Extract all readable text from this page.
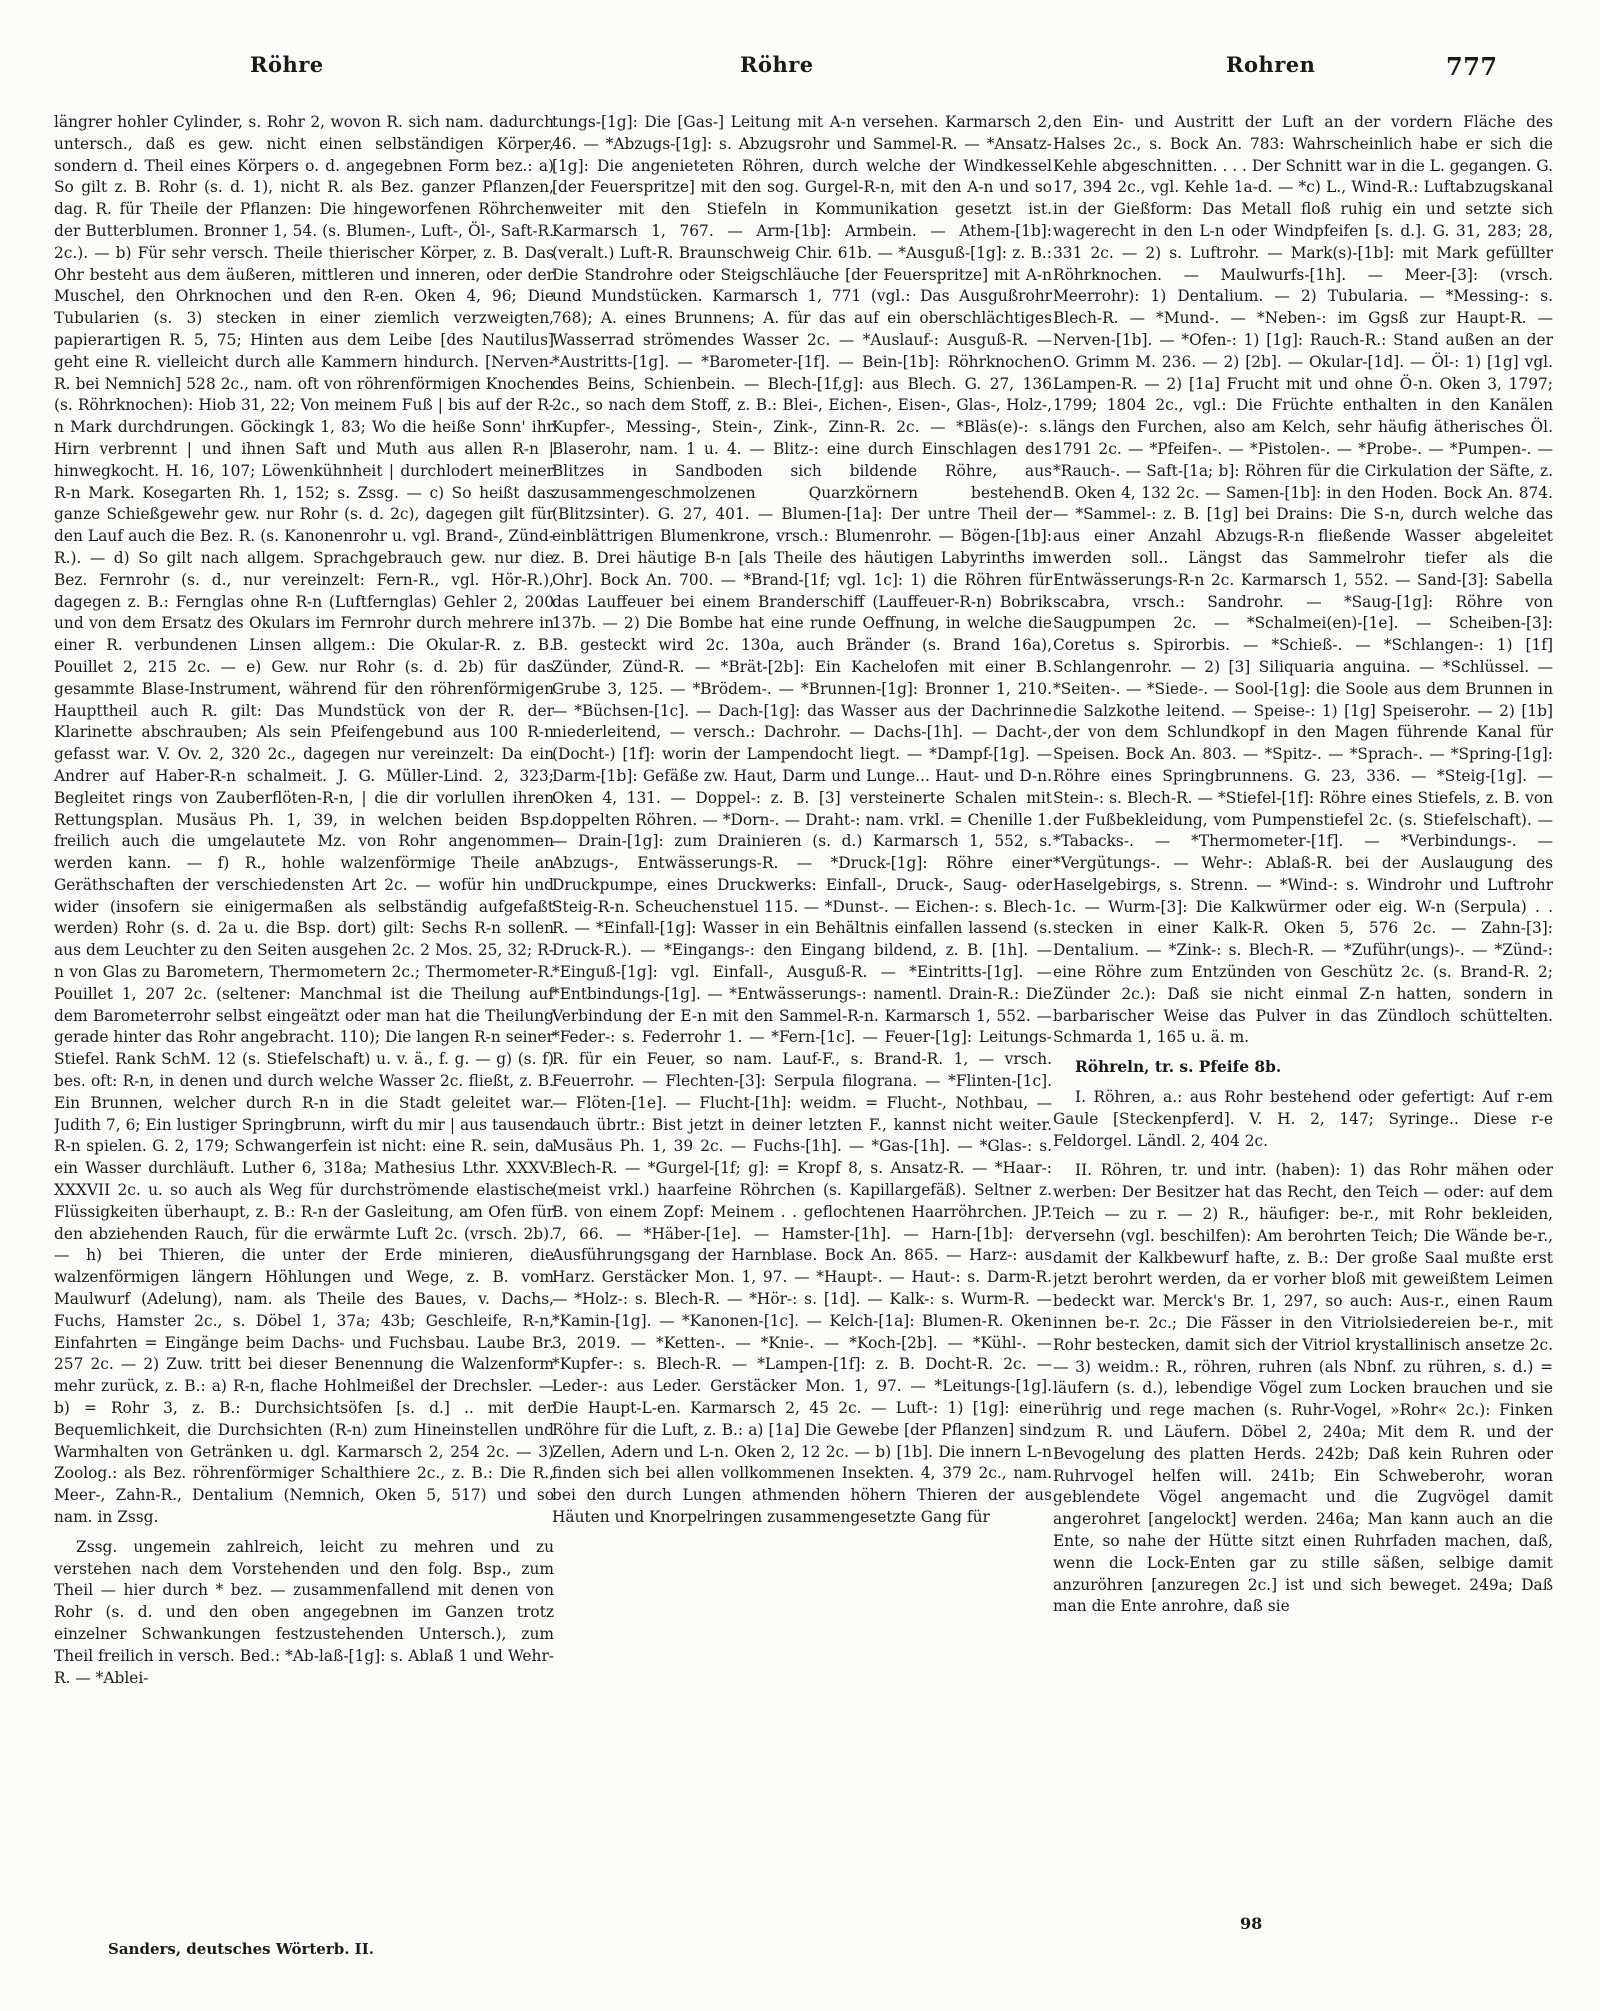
Röhre	Röhre	Rohren	777

längrer hohler Cylinder, s. Rohr 2, wovon R. sich nam. dadurch untersch., daß es gew. nicht einen selbständigen Körper, sondern d. Theil eines Körpers o. d. angegebnen Form bez.: a) So gilt z. B. Rohr (s. d. 1), nicht R. als Bez. ganzer Pflanzen, dag. R. für Theile der Pflanzen: Die hingeworfenen Röhrchen der Butterblumen. Bronner 1, 54. (s. Blumen-, Luft-, Öl-, Saft-R. 2c.). — b) Für sehr versch. Theile thierischer Körper, z. B. Das Ohr besteht aus dem äußeren, mittleren und inneren, oder der Muschel, den Ohrknochen und den R-en. Oken 4, 96; Die Tubularien (s. 3) stecken in einer ziemlich verzweigten, papierartigen R. 5, 75; Hinten aus dem Leibe [des Nautilus] geht eine R. vielleicht durch alle Kammern hindurch. [Nerven-R. bei Nemnich] 528 2c., nam. oft von röhrenförmigen Knochen (s. Röhrknochen): Hiob 31, 22; Von meinem Fuß | bis auf der R-n Mark durchdrungen. Göckingk 1, 83; Wo die heiße Sonn' ihr Hirn verbrennt | und ihnen Saft und Muth aus allen R-n | hinwegkocht. H. 16, 107; Löwenkühnheit | durchlodert meiner R-n Mark. Kosegarten Rh. 1, 152; s. Zssg. — c) So heißt das ganze Schießgewehr gew. nur Rohr (s. d. 2c), dagegen gilt für den Lauf auch die Bez. R. (s. Kanonenrohr u. vgl. Brand-, Zünd-R.). — d) So gilt nach allgem. Sprachgebrauch gew. nur die Bez. Fernrohr (s. d., nur vereinzelt: Fern-R., vgl. Hör-R.), dagegen z. B.: Fernglas ohne R-n (Luftfernglas) Gehler 2, 200 und von dem Ersatz des Okulars im Fernrohr durch mehrere in einer R. verbundenen Linsen allgem.: Die Okular-R. z. B. Pouillet 2, 215 2c. — e) Gew. nur Rohr (s. d. 2b) für das gesammte Blase-Instrument, während für den röhrenförmigen Haupttheil auch R. gilt: Das Mundstück von der R. der Klarinette abschrauben; Als sein Pfeifengebund aus 100 R-n gefasst war. V. Ov. 2, 320 2c., dagegen nur vereinzelt: Da ein Andrer auf Haber-R-n schalmeit. J. G. Müller-Lind. 2, 323; Begleitet rings von Zauberflöten-R-n, | die dir vorlullen ihren Rettungsplan. Musäus Ph. 1, 39, in welchen beiden Bsp. freilich auch die umgelautete Mz. von Rohr angenommen werden kann. — f) R., hohle walzenförmige Theile an Geräthschaften der verschiedensten Art 2c. — wofür hin und wider (insofern sie einigermaßen als selbständig aufgefaßt werden) Rohr (s. d. 2a u. die Bsp. dort) gilt: Sechs R-n sollen aus dem Leuchter zu den Seiten ausgehen 2c. 2 Mos. 25, 32; R-n von Glas zu Barometern, Thermometern 2c.; Thermometer-R. Pouillet 1, 207 2c. (seltener: Manchmal ist die Theilung auf dem Barometerrohr selbst eingeätzt oder man hat die Theilung gerade hinter das Rohr angebracht. 110); Die langen R-n seiner Stiefel. Rank SchM. 12 (s. Stiefelschaft) u. v. ä., f. g. — g) (s. f) bes. oft: R-n, in denen und durch welche Wasser 2c. fließt, z. B. Ein Brunnen, welcher durch R-n in die Stadt geleitet war. Judith 7, 6; Ein lustiger Springbrunn, wirft du mir | aus tausend R-n spielen. G. 2, 179; Schwangerfein ist nicht: eine R. sein, da ein Wasser durchläuft. Luther 6, 318a; Mathesius Lthr. XXXV: XXXVII 2c. u. so auch als Weg für durchströmende elastische Flüssigkeiten überhaupt, z. B.: R-n der Gasleitung, am Ofen für den abziehenden Rauch, für die erwärmte Luft 2c. (vrsch. 2b). — h) bei Thieren, die unter der Erde minieren, die walzenförmigen längern Höhlungen und Wege, z. B. vom Maulwurf (Adelung), nam. als Theile des Baues, v. Dachs, Fuchs, Hamster 2c., s. Döbel 1, 37a; 43b; Geschleife, R-n, Einfahrten = Eingänge beim Dachs- und Fuchsbau. Laube Br. 257 2c. — 2) Zuw. tritt bei dieser Benennung die Walzenform mehr zurück, z. B.: a) R-n, flache Hohlmeißel der Drechsler. — b) = Rohr 3, z. B.: Durchsichtsöfen [s. d.] .. mit der Bequemlichkeit, die Durchsichten (R-n) zum Hineinstellen und Warmhalten von Getränken u. dgl. Karmarsch 2, 254 2c. — 3) Zoolog.: als Bez. röhrenförmiger Schalthiere 2c., z. B.: Die R., Meer-, Zahn-R., Dentalium (Nemnich, Oken 5, 517) und so nam. in Zssg.

Zssg. ungemein zahlreich, leicht zu mehren und zu verstehen nach dem Vorstehenden und den folg. Bsp., zum Theil — hier durch * bez. — zusammenfallend mit denen von Rohr (s. d. und den oben angegebnen im Ganzen trotz einzelner Schwankungen festzustehenden Untersch.), zum Theil freilich in versch. Bed.: *Ab-laß-[1g]: s. Ablaß 1 und Wehr-R. — *Ablei-

tungs-[1g]: Die [Gas-] Leitung mit A-n versehen. Karmarsch 2, 46. — *Abzugs-[1g]: s. Abzugsrohr und Sammel-R. — *Ansatz-[1g]: Die angenieteten Röhren, durch welche der Windkessel [der Feuerspritze] mit den sog. Gurgel-R-n, mit den A-n und so weiter mit den Stiefeln in Kommunikation gesetzt ist. Karmarsch 1, 767. — Arm-[1b]: Armbein. — Athem-[1b]: (veralt.) Luft-R. Braunschweig Chir. 61b. — *Ausguß-[1g]: z. B.: Die Standrohre oder Steigschläuche [der Feuerspritze] mit A-n und Mundstücken. Karmarsch 1, 771 (vgl.: Das Ausgußrohr 768); A. eines Brunnens; A. für das auf ein oberschlächtiges Wasserrad strömendes Wasser 2c. — *Auslauf-: Ausguß-R. — *Austritts-[1g]. — *Barometer-[1f]. — Bein-[1b]: Röhrknochen des Beins, Schienbein. — Blech-[1f,g]: aus Blech. G. 27, 136 2c., so nach dem Stoff, z. B.: Blei-, Eichen-, Eisen-, Glas-, Holz-, Kupfer-, Messing-, Stein-, Zink-, Zinn-R. 2c. — *Bläs(e)-: s. Blaserohr, nam. 1 u. 4. — Blitz-: eine durch Einschlagen des Blitzes in Sandboden sich bildende Röhre, aus zusammengeschmolzenen Quarzkörnern bestehend (Blitzsinter). G. 27, 401. — Blumen-[1a]: Der untre Theil der einblättrigen Blumenkrone, vrsch.: Blumenrohr. — Bögen-[1b]: z. B. Drei häutige B-n [als Theile des häutigen Labyrinths im Ohr]. Bock An. 700. — *Brand-[1f; vgl. 1c]: 1) die Röhren für das Lauffeuer bei einem Branderschiff (Lauffeuer-R-n) Bobrik 137b. — 2) Die Bombe hat eine runde Oeffnung, in welche die B. gesteckt wird 2c. 130a, auch Bränder (s. Brand 16a), Zünder, Zünd-R. — *Brät-[2b]: Ein Kachelofen mit einer B. Grube 3, 125. — *Brödem-. — *Brunnen-[1g]: Bronner 1, 210. — *Büchsen-[1c]. — Dach-[1g]: das Wasser aus der Dachrinne niederleitend, — versch.: Dachrohr. — Dachs-[1h]. — Dacht-, (Docht-) [1f]: worin der Lampendocht liegt. — *Dampf-[1g]. — Darm-[1b]: Gefäße zw. Haut, Darm und Lunge... Haut- und D-n. Oken 4, 131. — Doppel-: z. B. [3] versteinerte Schalen mit doppelten Röhren. — *Dorn-. — Draht-: nam. vrkl. = Chenille 1. — Drain-[1g]: zum Drainieren (s. d.) Karmarsch 1, 552, s. Abzugs-, Entwässerungs-R. — *Druck-[1g]: Röhre einer Druckpumpe, eines Druckwerks: Einfall-, Druck-, Saug- oder Steig-R-n. Scheuchenstuel 115. — *Dunst-. — Eichen-: s. Blech-R. — *Einfall-[1g]: Wasser in ein Behältnis einfallen lassend (s. Druck-R.). — *Eingangs-: den Eingang bildend, z. B. [1h]. — *Einguß-[1g]: vgl. Einfall-, Ausguß-R. — *Eintritts-[1g]. — *Entbindungs-[1g]. — *Entwässerungs-: namentl. Drain-R.: Die Verbindung der E-n mit den Sammel-R-n. Karmarsch 1, 552. — *Feder-: s. Federrohr 1. — *Fern-[1c]. — Feuer-[1g]: Leitungs-R. für ein Feuer, so nam. Lauf-F., s. Brand-R. 1, — vrsch. Feuerrohr. — Flechten-[3]: Serpula filograna. — *Flinten-[1c]. — Flöten-[1e]. — Flucht-[1h]: weidm. = Flucht-, Nothbau, — auch übrtr.: Bist jetzt in deiner letzten F., kannst nicht weiter. Musäus Ph. 1, 39 2c. — Fuchs-[1h]. — *Gas-[1h]. — *Glas-: s. Blech-R. — *Gurgel-[1f; g]: = Kropf 8, s. Ansatz-R. — *Haar-: (meist vrkl.) haarfeine Röhrchen (s. Kapillargefäß). Seltner z. B. von einem Zopf: Meinem . . geflochtenen Haarröhrchen. JP. 7, 66. — *Häber-[1e]. — Hamster-[1h]. — Harn-[1b]: der Ausführungsgang der Harnblase. Bock An. 865. — Harz-: aus Harz. Gerstäcker Mon. 1, 97. — *Haupt-. — Haut-: s. Darm-R. — *Holz-: s. Blech-R. — *Hör-: s. [1d]. — Kalk-: s. Wurm-R. — *Kamin-[1g]. — *Kanonen-[1c]. — Kelch-[1a]: Blumen-R. Oken 3, 2019. — *Ketten-. — *Knie-. — *Koch-[2b]. — *Kühl-. — *Kupfer-: s. Blech-R. — *Lampen-[1f]: z. B. Docht-R. 2c. — Leder-: aus Leder. Gerstäcker Mon. 1, 97. — *Leitungs-[1g]. Die Haupt-L-en. Karmarsch 2, 45 2c. — Luft-: 1) [1g]: eine Röhre für die Luft, z. B.: a) [1a] Die Gewebe [der Pflanzen] sind Zellen, Adern und L-n. Oken 2, 12 2c. — b) [1b]. Die innern L-n finden sich bei allen vollkommenen Insekten. 4, 379 2c., nam. bei den durch Lungen athmenden höhern Thieren der aus Häuten und Knorpelringen zusammengesetzte Gang für

den Ein- und Austritt der Luft an der vordern Fläche des Halses 2c., s. Bock An. 783: Wahrscheinlich habe er sich die Kehle abgeschnitten. . . . Der Schnitt war in die L. gegangen. G. 17, 394 2c., vgl. Kehle 1a-d. — *c) L., Wind-R.: Luftabzugskanal in der Gießform: Das Metall floß ruhig ein und setzte sich wagerecht in den L-n oder Windpfeifen [s. d.]. G. 31, 283; 28, 331 2c. — 2) s. Luftrohr. — Mark(s)-[1b]: mit Mark gefüllter Röhrknochen. — Maulwurfs-[1h]. — Meer-[3]: (vrsch. Meerrohr): 1) Dentalium. — 2) Tubularia. — *Messing-: s. Blech-R. — *Mund-. — *Neben-: im Ggsß zur Haupt-R. — Nerven-[1b]. — *Ofen-: 1) [1g]: Rauch-R.: Stand außen an der O. Grimm M. 236. — 2) [2b]. — Okular-[1d]. — Öl-: 1) [1g] vgl. Lampen-R. — 2) [1a] Frucht mit und ohne Ö-n. Oken 3, 1797; 1799; 1804 2c., vgl.: Die Früchte enthalten in den Kanälen längs den Furchen, also am Kelch, sehr häufig ätherisches Öl. 1791 2c. — *Pfeifen-. — *Pistolen-. — *Probe-. — *Pumpen-. — *Rauch-. — Saft-[1a; b]: Röhren für die Cirkulation der Säfte, z. B. Oken 4, 132 2c. — Samen-[1b]: in den Hoden. Bock An. 874. — *Sammel-: z. B. [1g] bei Drains: Die S-n, durch welche das aus einer Anzahl Abzugs-R-n fließende Wasser abgeleitet werden soll.. Längst das Sammelrohr tiefer als die Entwässerungs-R-n 2c. Karmarsch 1, 552. — Sand-[3]: Sabella scabra, vrsch.: Sandrohr. — *Saug-[1g]: Röhre von Saugpumpen 2c. — *Schalmei(en)-[1e]. — Scheiben-[3]: Coretus s. Spirorbis. — *Schieß-. — *Schlangen-: 1) [1f] Schlangenrohr. — 2) [3] Siliquaria anguina. — *Schlüssel. — *Seiten-. — *Siede-. — Sool-[1g]: die Soole aus dem Brunnen in die Salzkothe leitend. — Speise-: 1) [1g] Speiserohr. — 2) [1b] der von dem Schlundkopf in den Magen führende Kanal für Speisen. Bock An. 803. — *Spitz-. — *Sprach-. — *Spring-[1g]: Röhre eines Springbrunnens. G. 23, 336. — *Steig-[1g]. — Stein-: s. Blech-R. — *Stiefel-[1f]: Röhre eines Stiefels, z. B. von der Fußbekleidung, vom Pumpenstiefel 2c. (s. Stiefelschaft). — *Tabacks-. — *Thermometer-[1f]. — *Verbindungs-. — *Vergütungs-. — Wehr-: Ablaß-R. bei der Auslaugung des Haselgebirgs, s. Strenn. — *Wind-: s. Windrohr und Luftrohr 1c. — Wurm-[3]: Die Kalkwürmer oder eig. W-n (Serpula) . . stecken in einer Kalk-R. Oken 5, 576 2c. — Zahn-[3]: Dentalium. — *Zink-: s. Blech-R. — *Zuführ(ungs)-. — *Zünd-: eine Röhre zum Entzünden von Geschütz 2c. (s. Brand-R. 2; Zünder 2c.): Daß sie nicht einmal Z-n hatten, sondern in barbarischer Weise das Pulver in das Zündloch schüttelten. Schmarda 1, 165 u. ä. m.

Röhreln, tr. s. Pfeife 8b.

I. Röhren, a.: aus Rohr bestehend oder gefertigt: Auf r-em Gaule [Steckenpferd]. V. H. 2, 147; Syringe.. Diese r-e Feldorgel. Ländl. 2, 404 2c.

II. Röhren, tr. und intr. (haben): 1) das Rohr mähen oder werben: Der Besitzer hat das Recht, den Teich — oder: auf dem Teich — zu r. — 2) R., häufiger: be-r., mit Rohr bekleiden, versehn (vgl. beschilfen): Am berohrten Teich; Die Wände be-r., damit der Kalkbewurf hafte, z. B.: Der große Saal mußte erst jetzt berohrt werden, da er vorher bloß mit geweißtem Leimen bedeckt war. Merck's Br. 1, 297, so auch: Aus-r., einen Raum innen be-r. 2c.; Die Fässer in den Vitriolsiedereien be-r., mit Rohr bestecken, damit sich der Vitriol krystallinisch ansetze 2c. — 3) weidm.: R., röhren, ruhren (als Nbnf. zu rühren, s. d.) = läufern (s. d.), lebendige Vögel zum Locken brauchen und sie rührig und rege machen (s. Ruhr-Vogel, »Rohr« 2c.): Finken zum R. und Läufern. Döbel 2, 240a; Mit dem R. und der Bevogelung des platten Herds. 242b; Daß kein Ruhren oder Ruhrvogel helfen will. 241b; Ein Schweberohr, woran geblendete Vögel angemacht und die Zugvögel damit angerohret [angelockt] werden. 246a; Man kann auch an die Ente, so nahe der Hütte sitzt einen Ruhrfaden machen, daß, wenn die Lock-Enten gar zu stille säßen, selbige damit anzuröhren [anzuregen 2c.] ist und sich beweget. 249a; Daß man die Ente anrohre, daß sie

Sanders, deutsches Wörterb. II.
98
